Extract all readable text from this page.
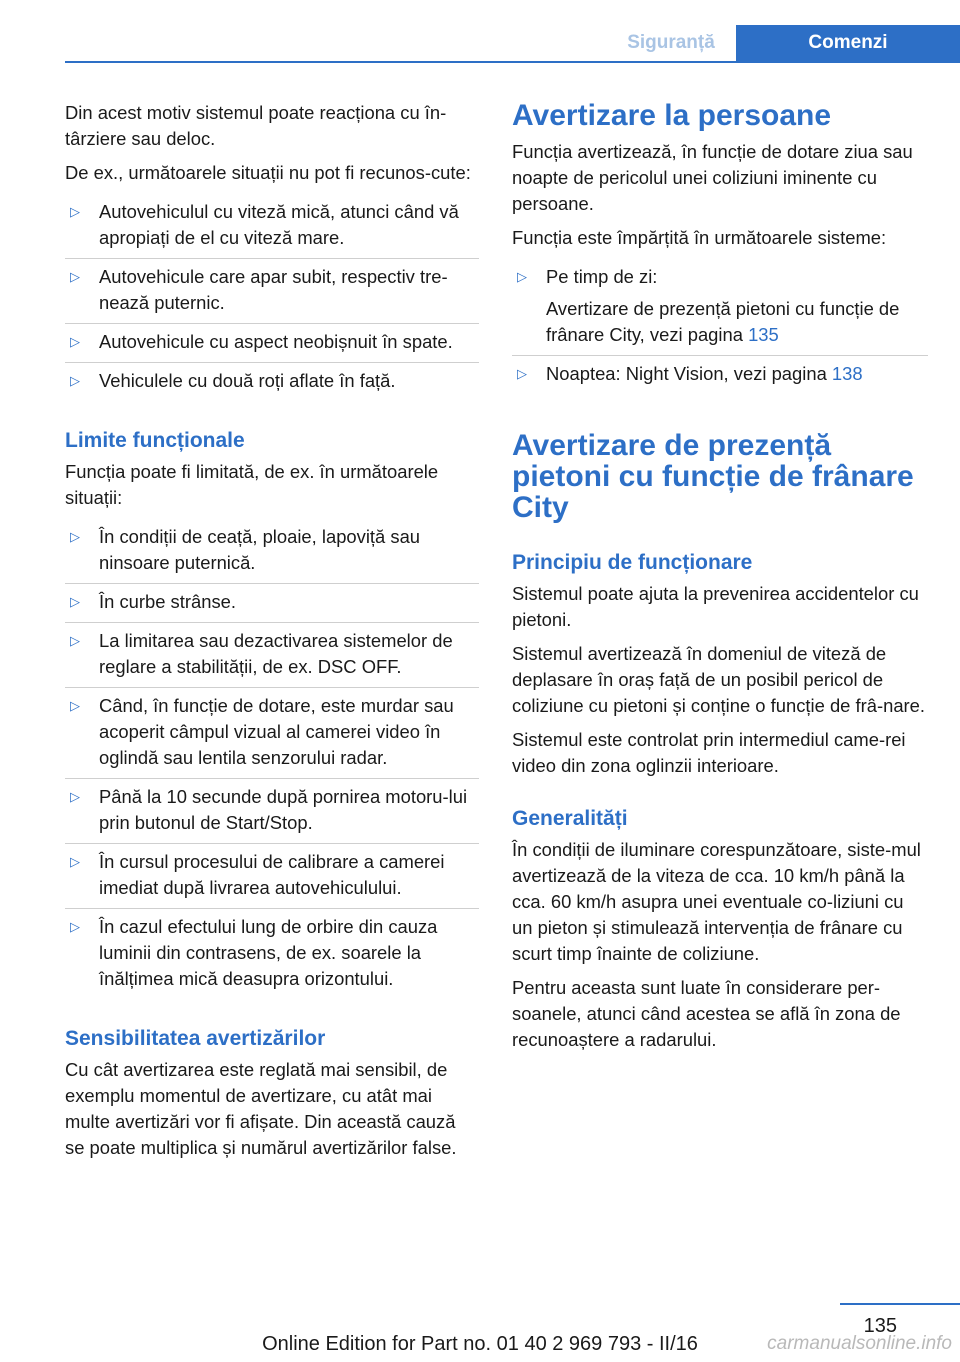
Siguranță	Comenzi

Din acest motiv sistemul poate reacționa cu în-târziere sau deloc.

De ex., următoarele situații nu pot fi recunos-cute:

▷ Autovehiculul cu viteză mică, atunci când vă apropiați de el cu viteză mare.
▷ Autovehicule care apar subit, respectiv tre-nează puternic.
▷ Autovehicule cu aspect neobișnuit în spate.
▷ Vehiculele cu două roți aflate în față.
Limite funcționale

Funcția poate fi limitată, de ex. în următoarele situații:

▷ În condiții de ceață, ploaie, lapoviță sau ninsoare puternică.
▷ În curbe strânse.
▷ La limitarea sau dezactivarea sistemelor de reglare a stabilității, de ex. DSC OFF.
▷ Când, în funcție de dotare, este murdar sau acoperit câmpul vizual al camerei video în oglindă sau lentila senzorului radar.
▷ Până la 10 secunde după pornirea motoru-lui prin butonul de Start/Stop.
▷ În cursul procesului de calibrare a camerei imediat după livrarea autovehiculului.
▷ În cazul efectului lung de orbire din cauza luminii din contrasens, de ex. soarele la înălțimea mică deasupra orizontului.
Sensibilitatea avertizărilor

Cu cât avertizarea este reglată mai sensibil, de exemplu momentul de avertizare, cu atât mai multe avertizări vor fi afișate. Din această cauză se poate multiplica și numărul avertizărilor false.

Avertizare la persoane

Funcția avertizează, în funcție de dotare ziua sau noapte de pericolul unei coliziuni iminente cu persoane.

Funcția este împărțită în următoarele sisteme:

▷ Pe timp de zi:
Avertizare de prezență pietoni cu funcție de frânare City, vezi pagina 135
▷ Noaptea: Night Vision, vezi pagina 138
Avertizare de prezență pietoni cu funcție de frânare City
Principiu de funcționare

Sistemul poate ajuta la prevenirea accidentelor cu pietoni.

Sistemul avertizează în domeniul de viteză de deplasare în oraș față de un posibil pericol de coliziune cu pietoni și conține o funcție de frâ-nare.

Sistemul este controlat prin intermediul came-rei video din zona oglinzii interioare.

Generalități

În condiții de iluminare corespunzătoare, siste-mul avertizează de la viteza de cca. 10 km/h până la cca. 60 km/h asupra unei eventuale co-liziuni cu un pieton și stimulează intervenția de frânare cu scurt timp înainte de coliziune.

Pentru aceasta sunt luate în considerare per-soanele, atunci când acestea se află în zona de recunoaștere a radarului.

135
Online Edition for Part no. 01 40 2 969 793 - II/16	carmanualsonline.info
